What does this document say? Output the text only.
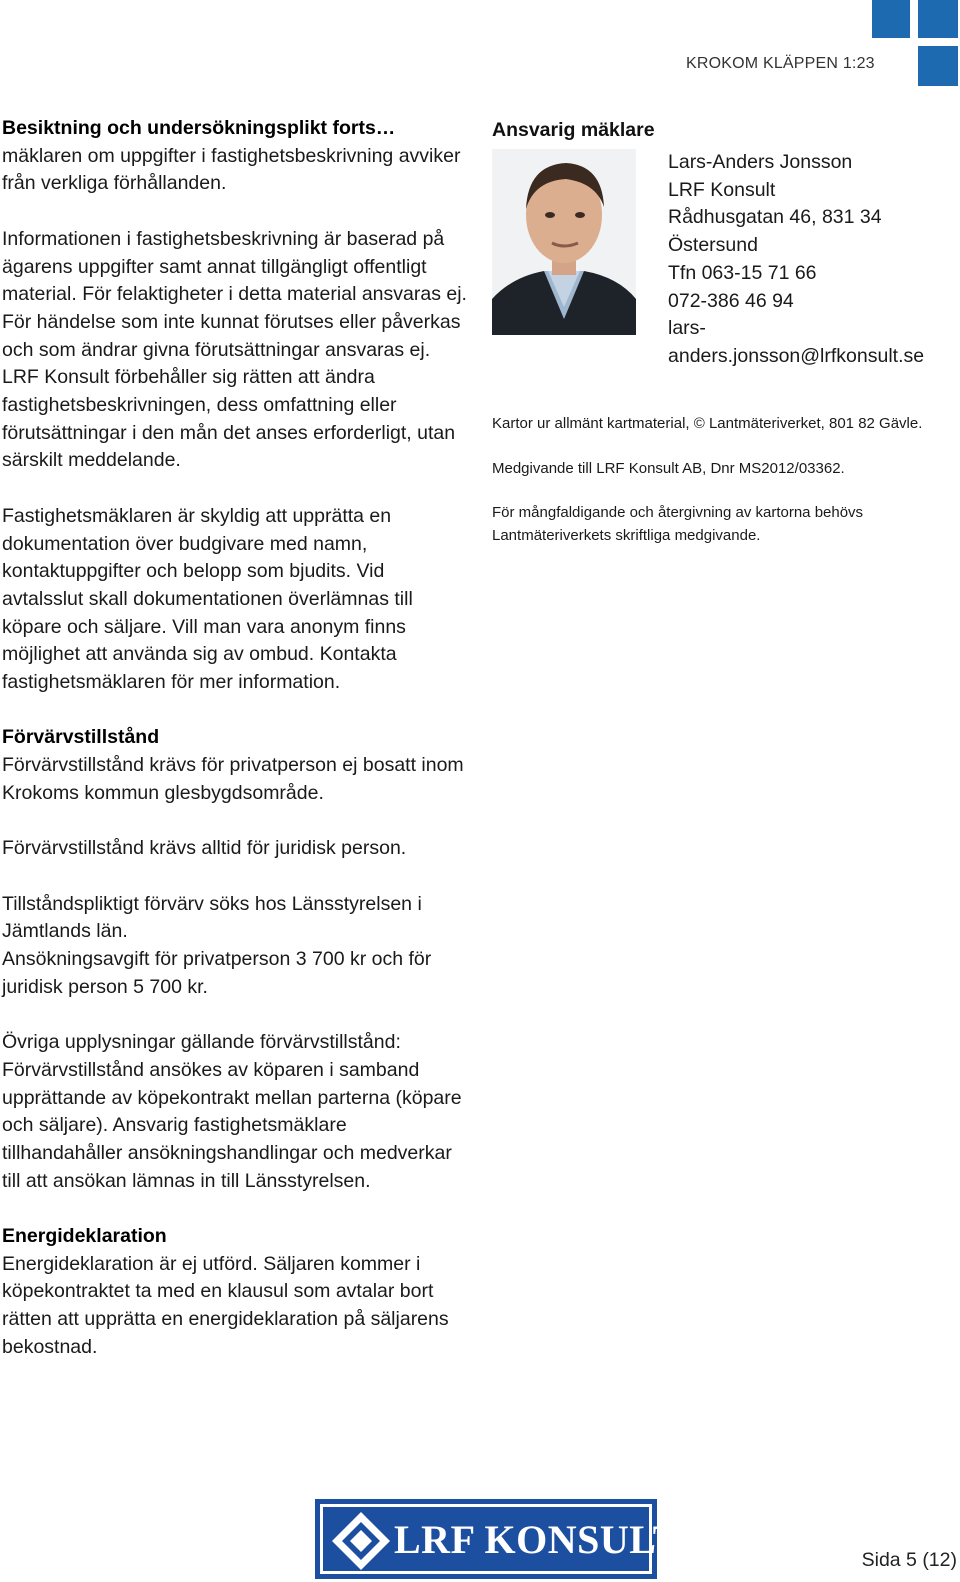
KROKOM KLÄPPEN 1:23

Besiktning och undersökningsplikt forts…
mäklaren om uppgifter i fastighetsbeskrivning avviker från verkliga förhållanden.

Informationen i fastighetsbeskrivning är baserad på ägarens uppgifter samt annat tillgängligt offentligt material. För felaktigheter i detta material ansvaras ej. För händelse som inte kunnat förutses eller påverkas och som ändrar givna förutsättningar ansvaras ej. LRF Konsult förbehåller sig rätten att ändra fastighetsbeskrivningen, dess omfattning eller förutsättningar i den mån det anses erforderligt, utan särskilt meddelande.

Fastighetsmäklaren är skyldig att upprätta en dokumentation över budgivare med namn, kontaktuppgifter och belopp som bjudits. Vid avtalsslut skall dokumentationen överlämnas till köpare och säljare. Vill man vara anonym finns möjlighet att använda sig av ombud. Kontakta fastighetsmäklaren för mer information.

Förvärvstillstånd
Förvärvstillstånd krävs för privatperson ej bosatt inom Krokoms kommun glesbygdsområde.

Förvärvstillstånd krävs alltid för juridisk person.

Tillståndspliktigt förvärv söks hos Länsstyrelsen i Jämtlands län.

Ansökningsavgift för privatperson 3 700 kr och för juridisk person 5 700 kr.

Övriga upplysningar gällande förvärvstillstånd: Förvärvstillstånd ansökes av köparen i samband upprättande av köpekontrakt mellan parterna (köpare och säljare). Ansvarig fastighetsmäklare tillhandahåller ansökningshandlingar och medverkar till att ansökan lämnas in till Länsstyrelsen.

Energideklaration
Energideklaration är ej utförd. Säljaren kommer i köpekontraktet ta med en klausul som avtalar bort rätten att upprätta en energideklaration på säljarens bekostnad.

Ansvarig mäklare
Lars-Anders Jonsson
LRF Konsult
Rådhusgatan 46, 831 34
Östersund
Tfn 063-15 71 66
072-386 46 94
lars-
anders.jonsson@lrfkonsult.se

Kartor ur allmänt kartmaterial, © Lantmäteriverket, 801 82 Gävle.

Medgivande till LRF Konsult AB, Dnr MS2012/03362.

För mångfaldigande och återgivning av kartorna behövs Lantmäteriverkets skriftliga medgivande.

LRF KONSULT	Sida 5 (12)
